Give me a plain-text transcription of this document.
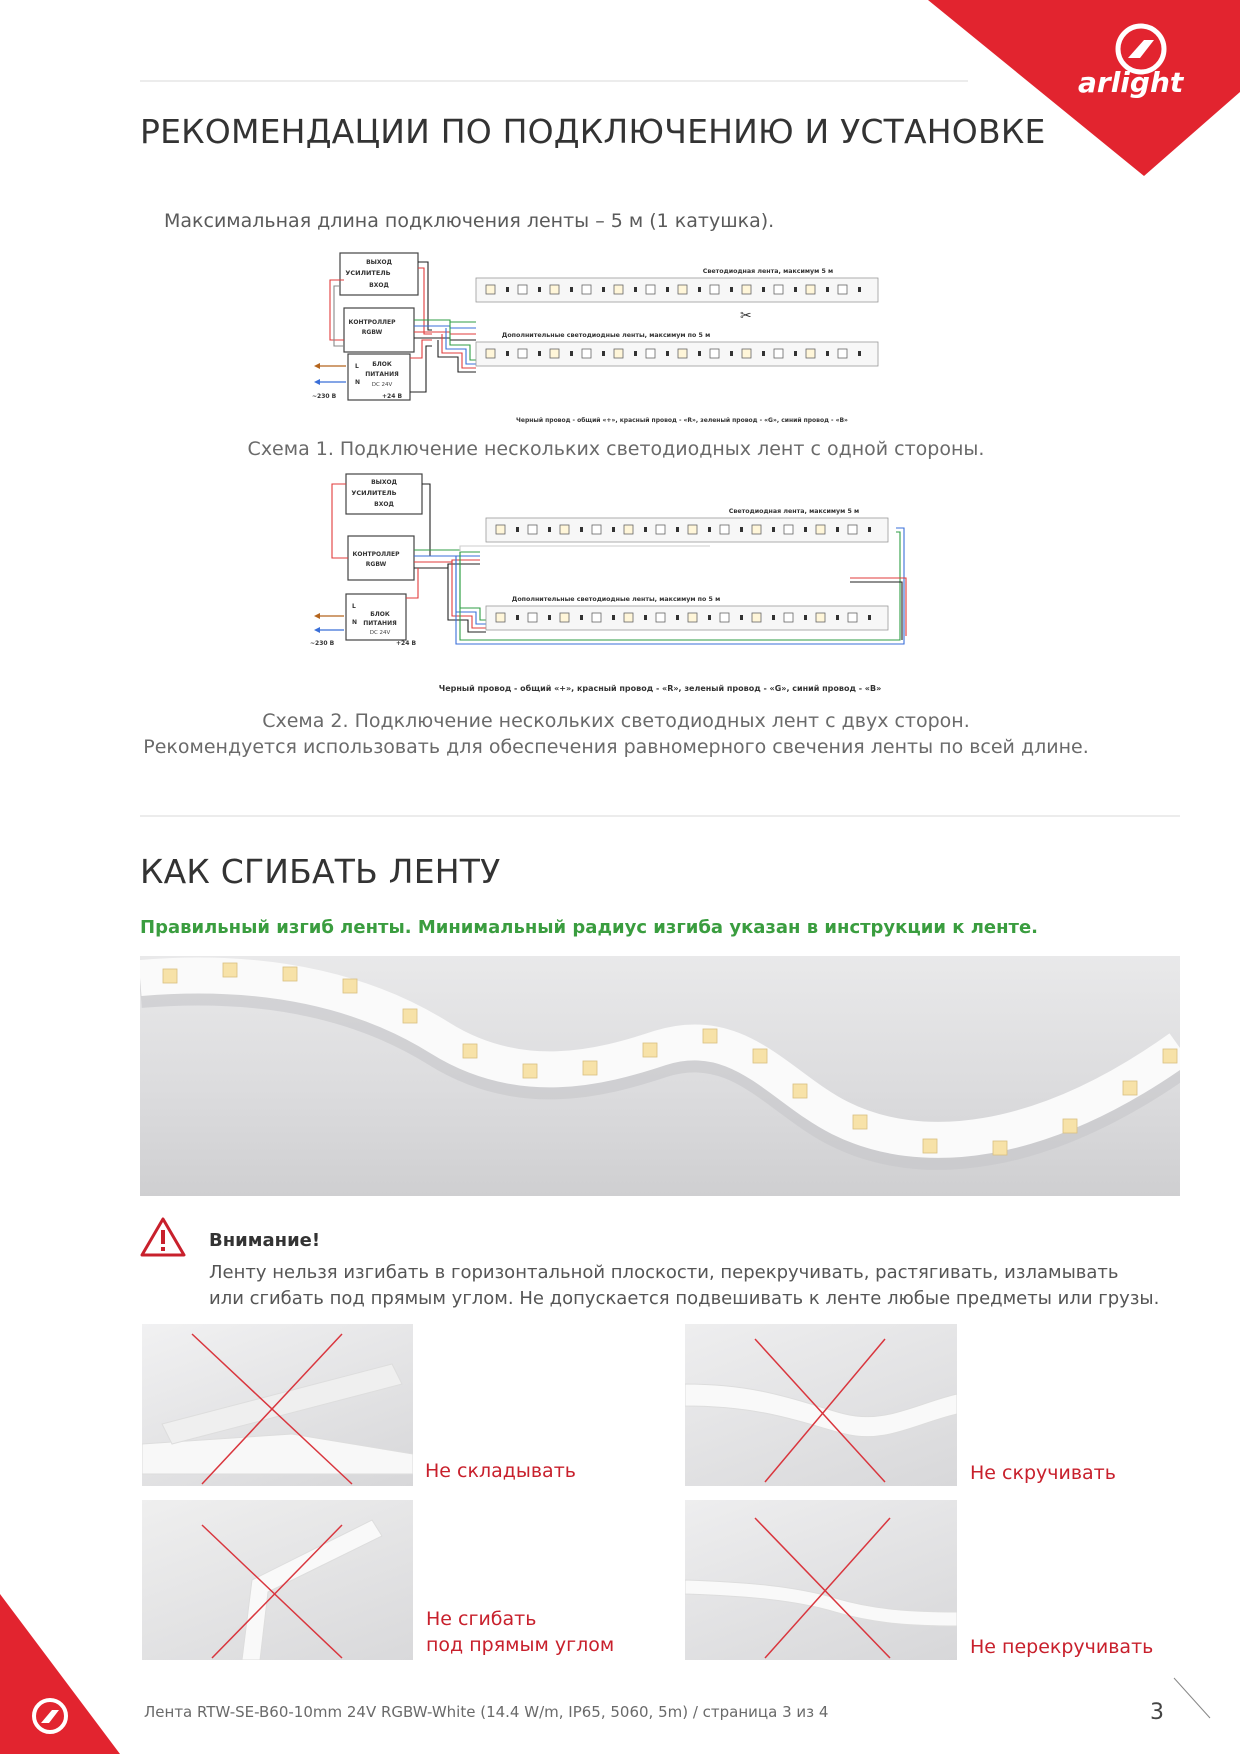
arlight
РЕКОМЕНДАЦИИ ПО ПОДКЛЮЧЕНИЮ И УСТАНОВКЕ
Максимальная длина подключения ленты – 5 м (1 катушка).
ВЫХОД
УСИЛИТЕЛЬ
ВХОД
КОНТРОЛЛЕР
RGBW
L
N
БЛОК
ПИТАНИЯ
DC 24V
~230 В	+24 В
Светодиодная лента, максимум 5 м
✂
Дополнительные светодиодные ленты, максимум по 5 м
Черный провод - общий «+», красный провод - «R», зеленый провод - «G», синий провод - «B»
Схема 1. Подключение нескольких светодиодных лент с одной стороны.
ВЫХОД
УСИЛИТЕЛЬ
ВХОД
КОНТРОЛЛЕР
RGBW
L
N
БЛОК
ПИТАНИЯ
DC 24V
~230 В	+24 В
Светодиодная лента, максимум 5 м
Дополнительные светодиодные ленты, максимум по 5 м
Черный провод - общий «+», красный провод - «R», зеленый провод - «G», синий провод - «B»
Схема 2. Подключение нескольких светодиодных лент с двух сторон.
Рекомендуется использовать для обеспечения равномерного свечения ленты по всей длине.
КАК СГИБАТЬ ЛЕНТУ
Правильный изгиб ленты. Минимальный радиус изгиба указан в инструкции к ленте.
Внимание!
Ленту нельзя изгибать в горизонтальной плоскости, перекручивать, растягивать, изламывать
или сгибать под прямым углом. Не допускается подвешивать к ленте любые предметы или грузы.
Не складывать	Не скручивать
Не сгибать
под прямым углом	Не перекручивать
Лента RTW-SE-B60-10mm 24V RGBW-White (14.4 W/m, IP65, 5060, 5m) / страница 3 из 4	3
